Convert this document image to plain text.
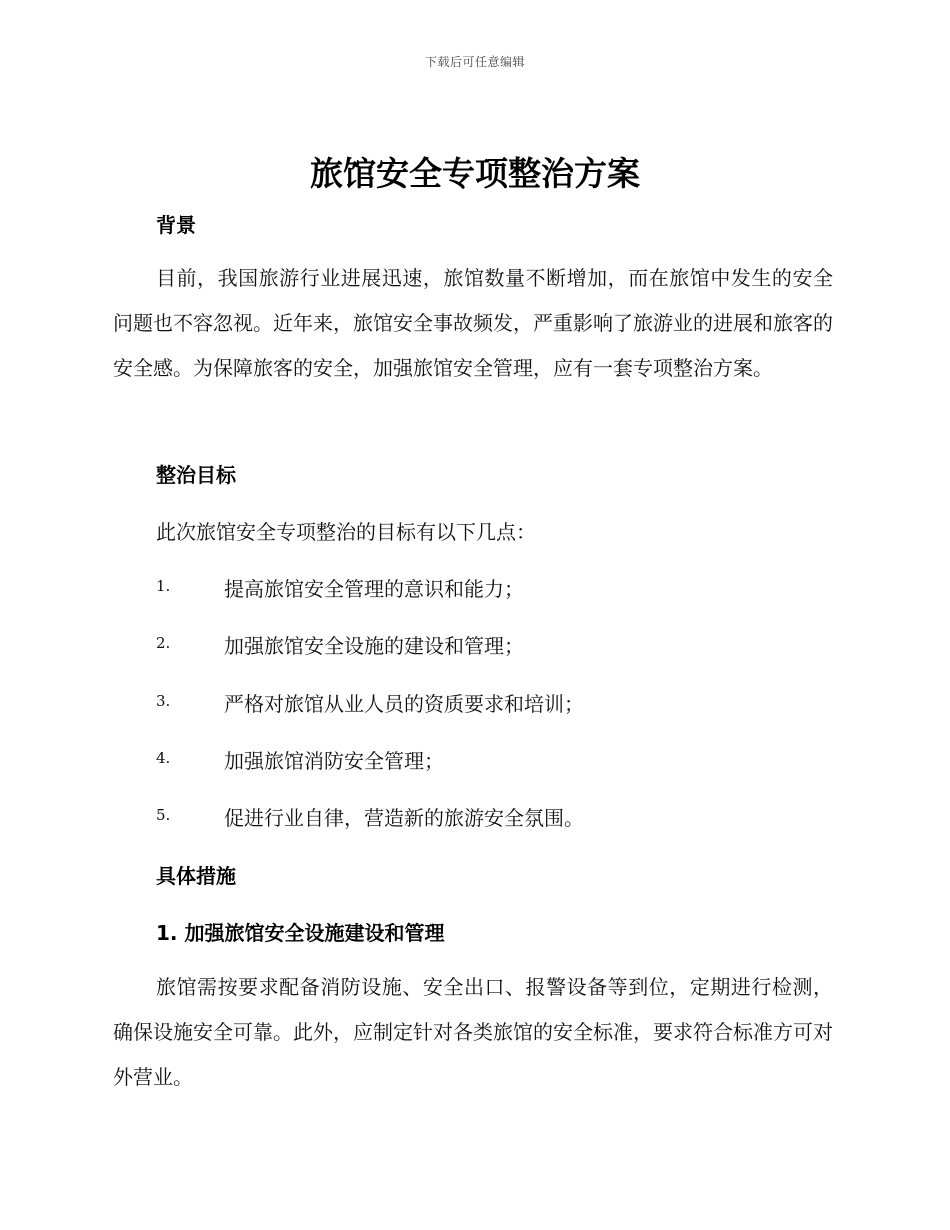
下载后可任意编辑
旅馆安全专项整治方案
背景
目前，我国旅游行业进展迅速，旅馆数量不断增加，而在旅馆中发生的安全问题也不容忽视。近年来，旅馆安全事故频发，严重影响了旅游业的进展和旅客的安全感。为保障旅客的安全，加强旅馆安全管理，应有一套专项整治方案。
整治目标
此次旅馆安全专项整治的目标有以下几点：
1.	提高旅馆安全管理的意识和能力；
2.	加强旅馆安全设施的建设和管理；
3.	严格对旅馆从业人员的资质要求和培训；
4.	加强旅馆消防安全管理；
5.	促进行业自律，营造新的旅游安全氛围。
具体措施
1. 加强旅馆安全设施建设和管理
旅馆需按要求配备消防设施、安全出口、报警设备等到位，定期进行检测，确保设施安全可靠。此外，应制定针对各类旅馆的安全标准，要求符合标准方可对外营业。
